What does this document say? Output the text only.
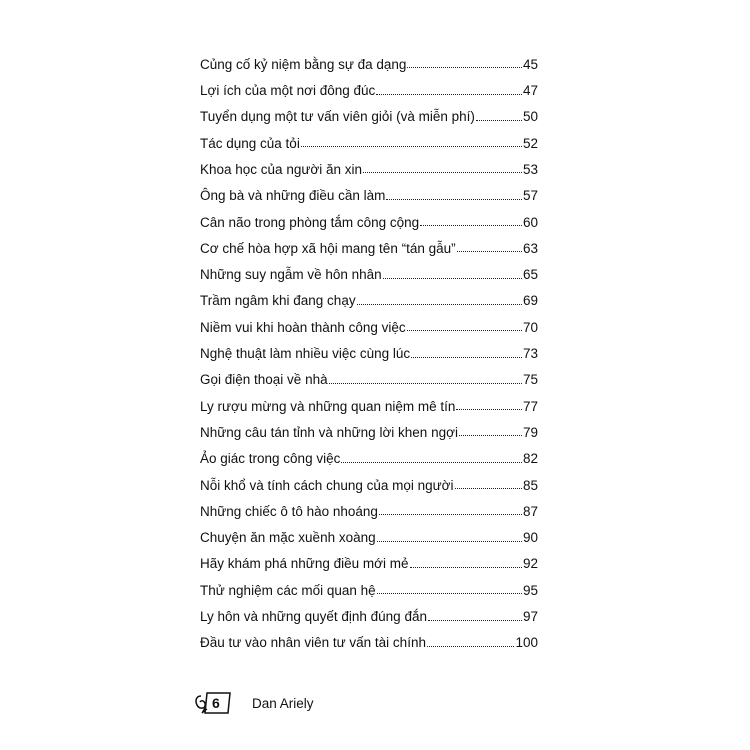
Củng cố kỷ niệm bằng sự đa dạng	45
Lợi ích của một nơi đông đúc	47
Tuyển dụng một tư vấn viên giỏi (và miễn phí)	50
Tác dụng của tỏi	52
Khoa học của người ăn xin	53
Ông bà và những điều cần làm	57
Cân não trong phòng tắm công cộng	60
Cơ chế hòa hợp xã hội mang tên “tán gẫu”	63
Những suy ngẫm về hôn nhân	65
Trầm ngâm khi đang chạy	69
Niềm vui khi hoàn thành công việc	70
Nghệ thuật làm nhiều việc cùng lúc	73
Gọi điện thoại về nhà	75
Ly rượu mừng và những quan niệm mê tín	77
Những câu tán tỉnh và những lời khen ngợi	79
Ảo giác trong công việc	82
Nỗi khổ và tính cách chung của mọi người	85
Những chiếc ô tô hào nhoáng	87
Chuyện ăn mặc xuềnh xoàng	90
Hãy khám phá những điều mới mẻ	92
Thử nghiệm các mối quan hệ	95
Ly hôn và những quyết định đúng đắn	97
Đầu tư vào nhân viên tư vấn tài chính	100
6 Dan Ariely
